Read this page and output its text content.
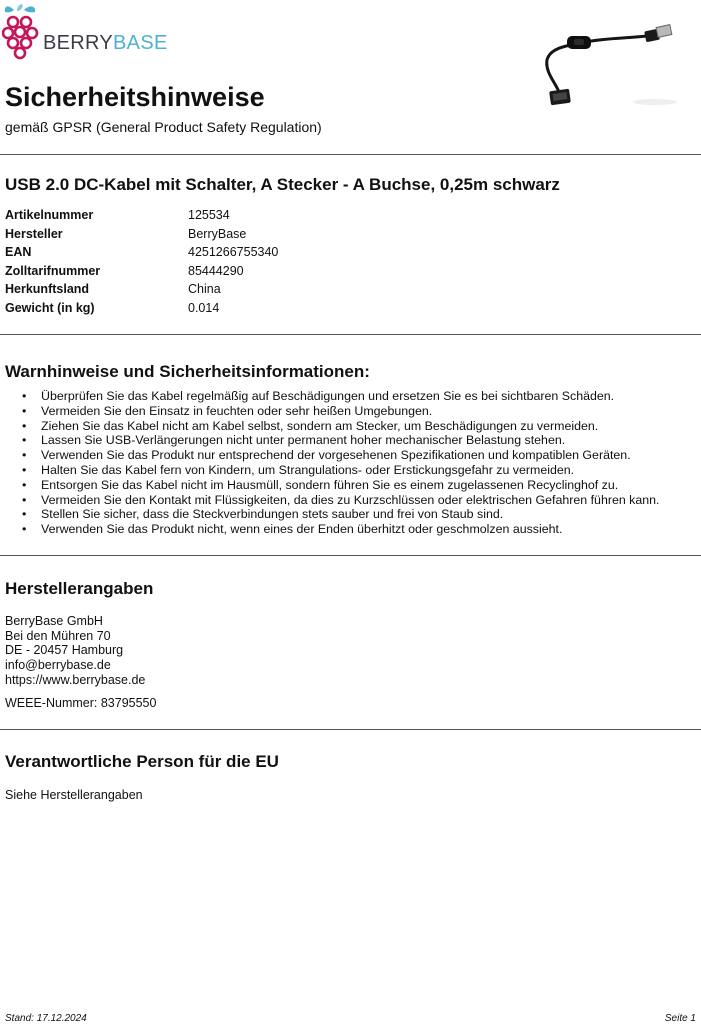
BERRYBASE
Sicherheitshinweise
gemäß GPSR (General Product Safety Regulation)
USB 2.0 DC-Kabel mit Schalter, A Stecker - A Buchse, 0,25m schwarz
Artikelnummer	125534
Hersteller	BerryBase
EAN	4251266755340
Zolltarifnummer	85444290
Herkunftsland	China
Gewicht (in kg)	0.014
Warnhinweise und Sicherheitsinformationen:
• Überprüfen Sie das Kabel regelmäßig auf Beschädigungen und ersetzen Sie es bei sichtbaren Schäden.
• Vermeiden Sie den Einsatz in feuchten oder sehr heißen Umgebungen.
• Ziehen Sie das Kabel nicht am Kabel selbst, sondern am Stecker, um Beschädigungen zu vermeiden.
• Lassen Sie USB-Verlängerungen nicht unter permanent hoher mechanischer Belastung stehen.
• Verwenden Sie das Produkt nur entsprechend der vorgesehenen Spezifikationen und kompatiblen Geräten.
• Halten Sie das Kabel fern von Kindern, um Strangulations- oder Erstickungsgefahr zu vermeiden.
• Entsorgen Sie das Kabel nicht im Hausmüll, sondern führen Sie es einem zugelassenen Recyclinghof zu.
• Vermeiden Sie den Kontakt mit Flüssigkeiten, da dies zu Kurzschlüssen oder elektrischen Gefahren führen kann.
• Stellen Sie sicher, dass die Steckverbindungen stets sauber und frei von Staub sind.
• Verwenden Sie das Produkt nicht, wenn eines der Enden überhitzt oder geschmolzen aussieht.
Herstellerangaben
BerryBase GmbH
Bei den Mühren 70
DE - 20457 Hamburg
info@berrybase.de
https://www.berrybase.de
WEEE-Nummer: 83795550
Verantwortliche Person für die EU
Siehe Herstellerangaben
Stand: 17.12.2024	Seite 1
